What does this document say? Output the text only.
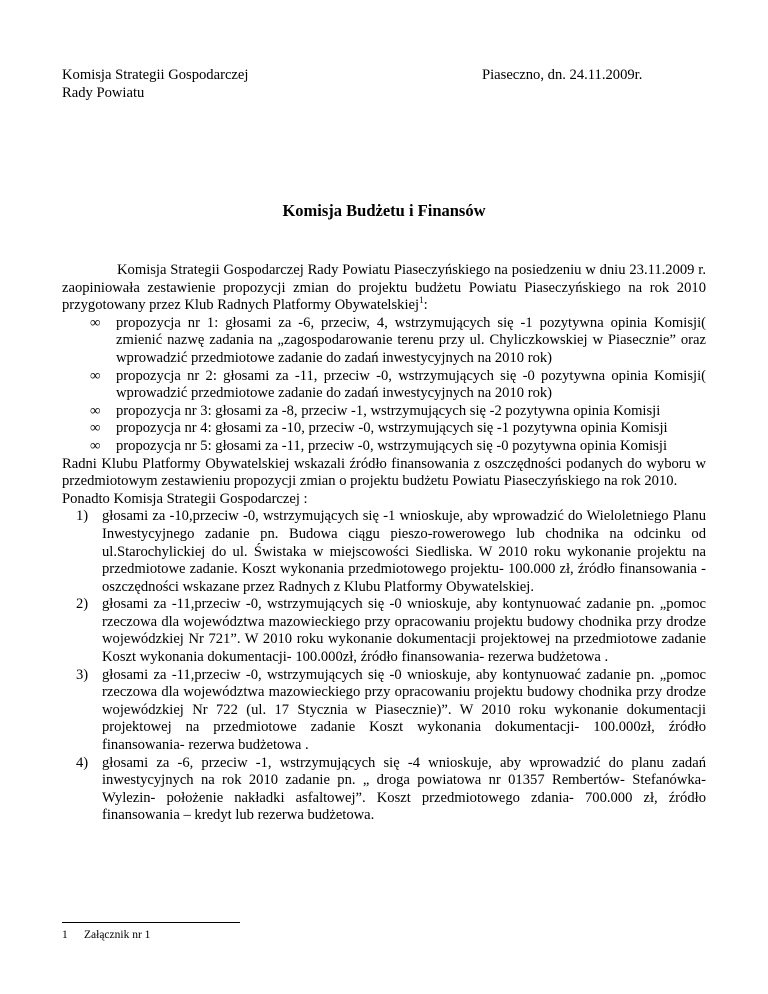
Komisja Strategii Gospodarczej
Rady Powiatu
Piaseczno, dn. 24.11.2009r.
Komisja Budżetu i Finansów

Komisja Strategii Gospodarczej Rady Powiatu Piaseczyńskiego na posiedzeniu w dniu 23.11.2009 r. zaopiniowała zestawienie propozycji zmian do projektu budżetu Powiatu Piaseczyńskiego na rok 2010 przygotowany przez Klub Radnych Platformy Obywatelskiej$^1$:

∞ propozycja nr 1: głosami za -6, przeciw, 4, wstrzymujących się -1 pozytywna opinia Komisji( zmienić nazwę zadania na „zagospodarowanie terenu przy ul. Chyliczkowskiej w Piasecznie” oraz wprowadzić przedmiotowe zadanie do zadań inwestycyjnych na 2010 rok)
∞ propozycja nr 2: głosami za -11, przeciw -0, wstrzymujących się -0 pozytywna opinia Komisji( wprowadzić przedmiotowe zadanie do zadań inwestycyjnych na 2010 rok)
∞ propozycja nr 3: głosami za -8, przeciw -1, wstrzymujących się -2 pozytywna opinia Komisji
∞ propozycja nr 4: głosami za -10, przeciw -0, wstrzymujących się -1 pozytywna opinia Komisji
∞ propozycja nr 5: głosami za -11, przeciw -0, wstrzymujących się -0 pozytywna opinia Komisji

Radni Klubu Platformy Obywatelskiej wskazali źródło finansowania z oszczędności podanych do wyboru w przedmiotowym zestawieniu propozycji zmian o projektu budżetu Powiatu Piaseczyńskiego na rok 2010.

Ponadto Komisja Strategii Gospodarczej :

1) głosami za -10,przeciw -0, wstrzymujących się -1 wnioskuje, aby wprowadzić do Wieloletniego Planu Inwestycyjnego zadanie pn. Budowa ciągu pieszo-rowerowego lub chodnika na odcinku od ul.Starochylickiej do ul. Świstaka w miejscowości Siedliska. W 2010 roku wykonanie projektu na przedmiotowe zadanie. Koszt wykonania przedmiotowego projektu- 100.000 zł, źródło finansowania -oszczędności wskazane przez Radnych z Klubu Platformy Obywatelskiej.
2) głosami za -11,przeciw -0, wstrzymujących się -0 wnioskuje, aby kontynuować zadanie pn. „pomoc rzeczowa dla województwa mazowieckiego przy opracowaniu projektu budowy chodnika przy drodze wojewódzkiej Nr 721”. W 2010 roku wykonanie dokumentacji projektowej na przedmiotowe zadanie Koszt wykonania dokumentacji- 100.000zł, źródło finansowania- rezerwa budżetowa .
3) głosami za -11,przeciw -0, wstrzymujących się -0 wnioskuje, aby kontynuować zadanie pn. „pomoc rzeczowa dla województwa mazowieckiego przy opracowaniu projektu budowy chodnika przy drodze wojewódzkiej Nr 722 (ul. 17 Stycznia w Piasecznie)”. W 2010 roku wykonanie dokumentacji projektowej na przedmiotowe zadanie Koszt wykonania dokumentacji- 100.000zł, źródło finansowania- rezerwa budżetowa .
4) głosami za -6, przeciw -1, wstrzymujących się -4 wnioskuje, aby wprowadzić do planu zadań inwestycyjnych na rok 2010 zadanie pn. „ droga powiatowa nr 01357 Rembertów- Stefanówka- Wylezin- położenie nakładki asfaltowej”. Koszt przedmiotowego zdania- 700.000 zł, źródło finansowania – kredyt lub rezerwa budżetowa.
1 Załącznik nr 1
